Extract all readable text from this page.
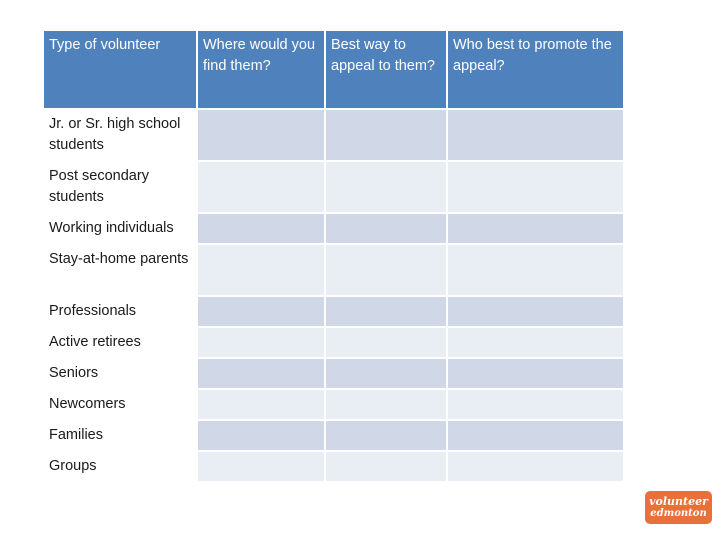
Type of volunteer	Where would you find them?	Best way to appeal to them?	Who best to promote the appeal?
Jr. or Sr. high school students			
Post secondary students			
Working individuals			
Stay-at-home parents			
Professionals			
Active retirees			
Seniors			
Newcomers			
Families			
Groups			
volunteer
edmonton
